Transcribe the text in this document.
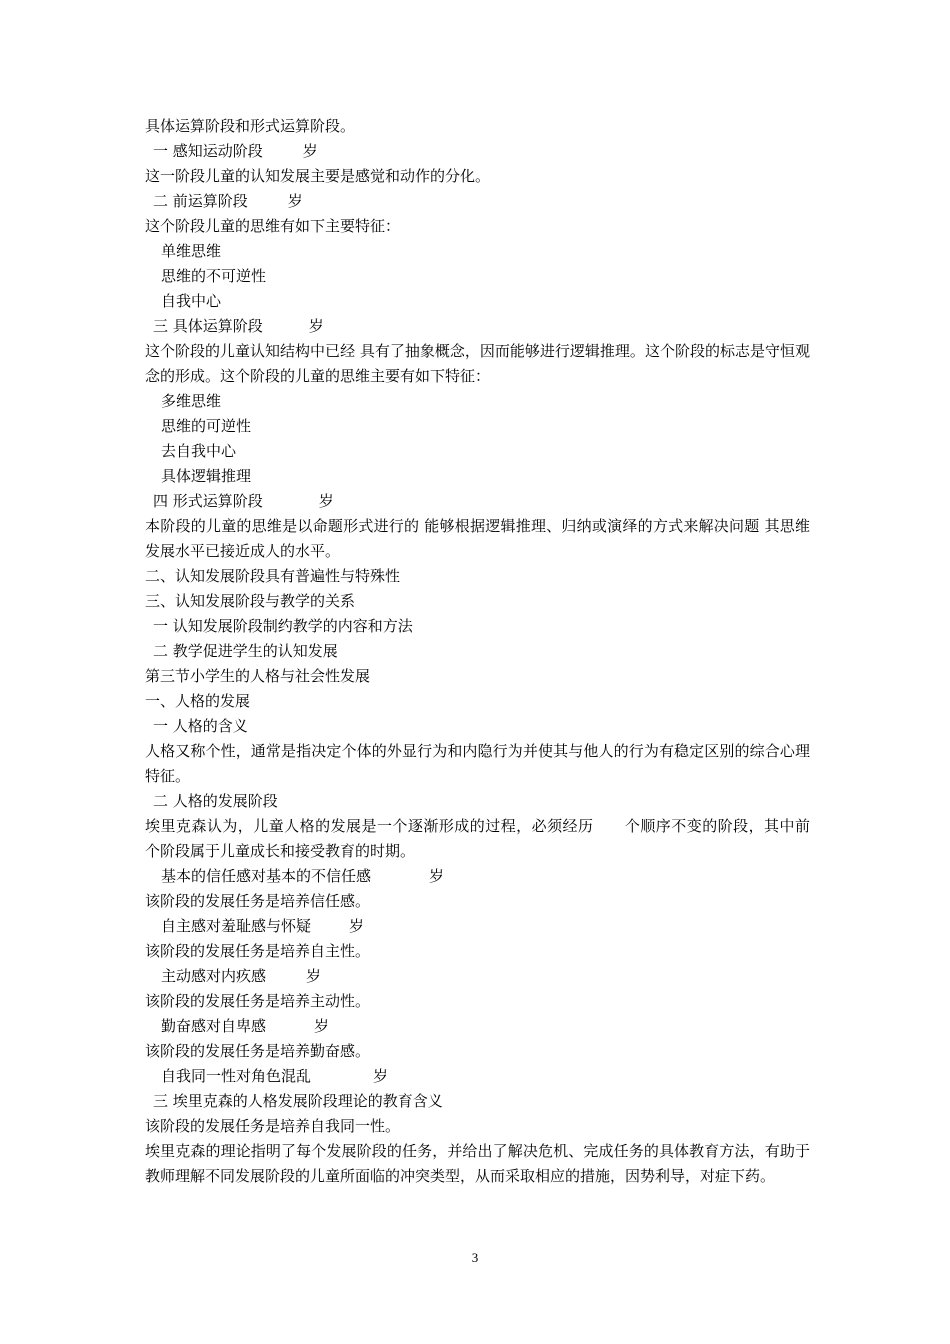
具体运算阶段和形式运算阶段。
一 感知运动阶段	岁
这一阶段儿童的认知发展主要是感觉和动作的分化。
二 前运算阶段	岁
这个阶段儿童的思维有如下主要特征：
单维思维
思维的不可逆性
自我中心
三 具体运算阶段	岁
这个阶段的儿童认知结构中已经 具有了抽象概念，因而能够进行逻辑推理。这个阶段的标志是守恒观念的形成。这个阶段的儿童的思维主要有如下特征：
多维思维
思维的可逆性
去自我中心
具体逻辑推理
四 形式运算阶段	岁
本阶段的儿童的思维是以命题形式进行的 能够根据逻辑推理、归纳或演绎的方式来解决问题 其思维发展水平已接近成人的水平。
二、认知发展阶段具有普遍性与特殊性
三、认知发展阶段与教学的关系
一 认知发展阶段制约教学的内容和方法
二 教学促进学生的认知发展
第三节小学生的人格与社会性发展
一、人格的发展
一 人格的含义
人格又称个性，通常是指决定个体的外显行为和内隐行为并使其与他人的行为有稳定区别的综合心理特征。
二 人格的发展阶段
埃里克森认为，儿童人格的发展是一个逐渐形成的过程，必须经历      个顺序不变的阶段，其中前    个阶段属于儿童成长和接受教育的时期。
基本的信任感对基本的不信任感	岁
该阶段的发展任务是培养信任感。
自主感对羞耻感与怀疑	岁
该阶段的发展任务是培养自主性。
主动感对内疚感	岁
该阶段的发展任务是培养主动性。
勤奋感对自卑感	岁
该阶段的发展任务是培养勤奋感。
自我同一性对角色混乱	岁
三 埃里克森的人格发展阶段理论的教育含义
该阶段的发展任务是培养自我同一性。
埃里克森的理论指明了每个发展阶段的任务，并给出了解决危机、完成任务的具体教育方法，有助于教师理解不同发展阶段的儿童所面临的冲突类型，从而采取相应的措施，因势利导，对症下药。
3
